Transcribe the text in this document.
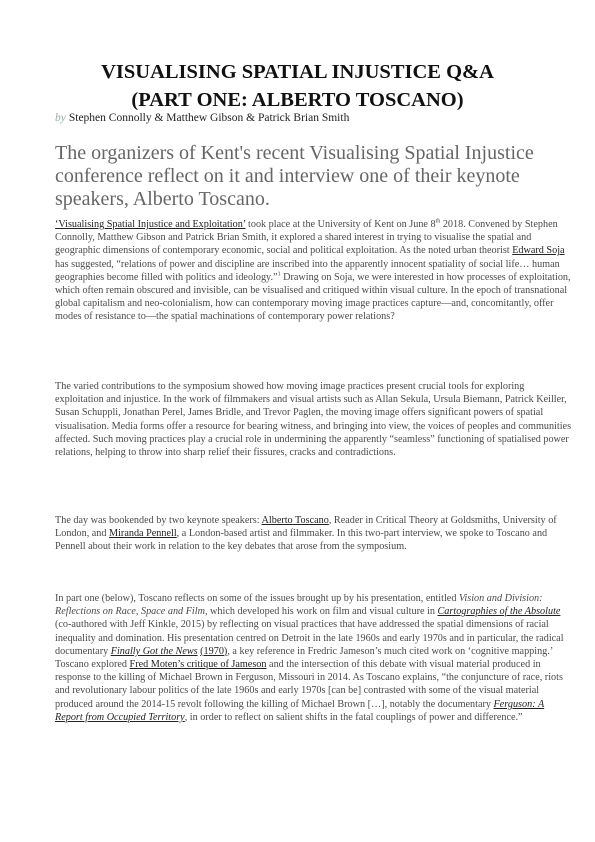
VISUALISING SPATIAL INJUSTICE Q&A
(PART ONE: ALBERTO TOSCANO)
by Stephen Connolly & Matthew Gibson & Patrick Brian Smith

The organizers of Kent's recent Visualising Spatial Injustice conference reflect on it and interview one of their keynote speakers, Alberto Toscano.

‘Visualising Spatial Injustice and Exploitation’ took place at the University of Kent on June 8th 2018. Convened by Stephen Connolly, Matthew Gibson and Patrick Brian Smith, it explored a shared interest in trying to visualise the spatial and geographic dimensions of contemporary economic, social and political exploitation. As the noted urban theorist Edward Soja has suggested, “relations of power and discipline are inscribed into the apparently innocent spatiality of social life… human geographies become filled with politics and ideology.”$^1$ Drawing on Soja, we were interested in how processes of exploitation, which often remain obscured and invisible, can be visualised and critiqued within visual culture. In the epoch of transnational global capitalism and neo-colonialism, how can contemporary moving image practices capture—and, concomitantly, offer modes of resistance to—the spatial machinations of contemporary power relations?

The varied contributions to the symposium showed how moving image practices present crucial tools for exploring exploitation and injustice. In the work of filmmakers and visual artists such as Allan Sekula, Ursula Biemann, Patrick Keiller, Susan Schuppli, Jonathan Perel, James Bridle, and Trevor Paglen, the moving image offers significant powers of spatial visualisation. Media forms offer a resource for bearing witness, and bringing into view, the voices of peoples and communities affected. Such moving practices play a crucial role in undermining the apparently “seamless” functioning of spatialised power relations, helping to throw into sharp relief their fissures, cracks and contradictions.

The day was bookended by two keynote speakers: Alberto Toscano, Reader in Critical Theory at Goldsmiths, University of London, and Miranda Pennell, a London-based artist and filmmaker. In this two-part interview, we spoke to Toscano and Pennell about their work in relation to the key debates that arose from the symposium.

In part one (below), Toscano reflects on some of the issues brought up by his presentation, entitled Vision and Division: Reflections on Race, Space and Film, which developed his work on film and visual culture in Cartographies of the Absolute (co-authored with Jeff Kinkle, 2015) by reflecting on visual practices that have addressed the spatial dimensions of racial inequality and domination. His presentation centred on Detroit in the late 1960s and early 1970s and in particular, the radical documentary Finally Got the News (1970), a key reference in Fredric Jameson’s much cited work on ‘cognitive mapping.’ Toscano explored Fred Moten’s critique of Jameson and the intersection of this debate with visual material produced in response to the killing of Michael Brown in Ferguson, Missouri in 2014. As Toscano explains, “the conjuncture of race, riots and revolutionary labour politics of the late 1960s and early 1970s [can be] contrasted with some of the visual material produced around the 2014-15 revolt following the killing of Michael Brown […], notably the documentary Ferguson: A Report from Occupied Territory, in order to reflect on salient shifts in the fatal couplings of power and difference.”
